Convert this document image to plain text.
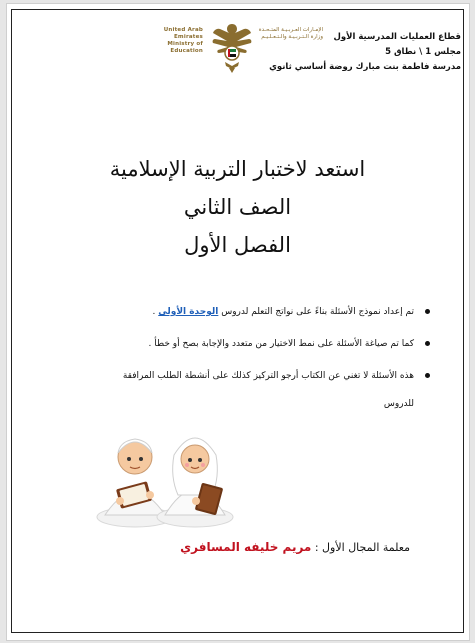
قطاع العمليات المدرسية الأول
مجلس 1 \ نطاق 5
مدرسة فاطمة بنت مبارك روضة أساسي ثانوي
الإمـارات العـربـيـة المتـحـدة
وزارة الـتـربـيـة والـتـعـلـيـم
United Arab Emirates
Ministry of Education
استعد لاختبار التربية الإسلامية
الصف الثاني
الفصل الأول
تم إعداد نموذج الأسئلة بناءً على نواتج التعلم لدروس الوحدة الأولى .
كما تم صياغة الأسئلة على نمط الاختيار من متعدد والإجابة بصح أو خطأ .
هذه الأسئلة لا تغني عن الكتاب أرجو التركيز كذلك على أنشطة الطلب المرافقة
للدروس
معلمة المجال الأول : مريم خليفه المسافري
